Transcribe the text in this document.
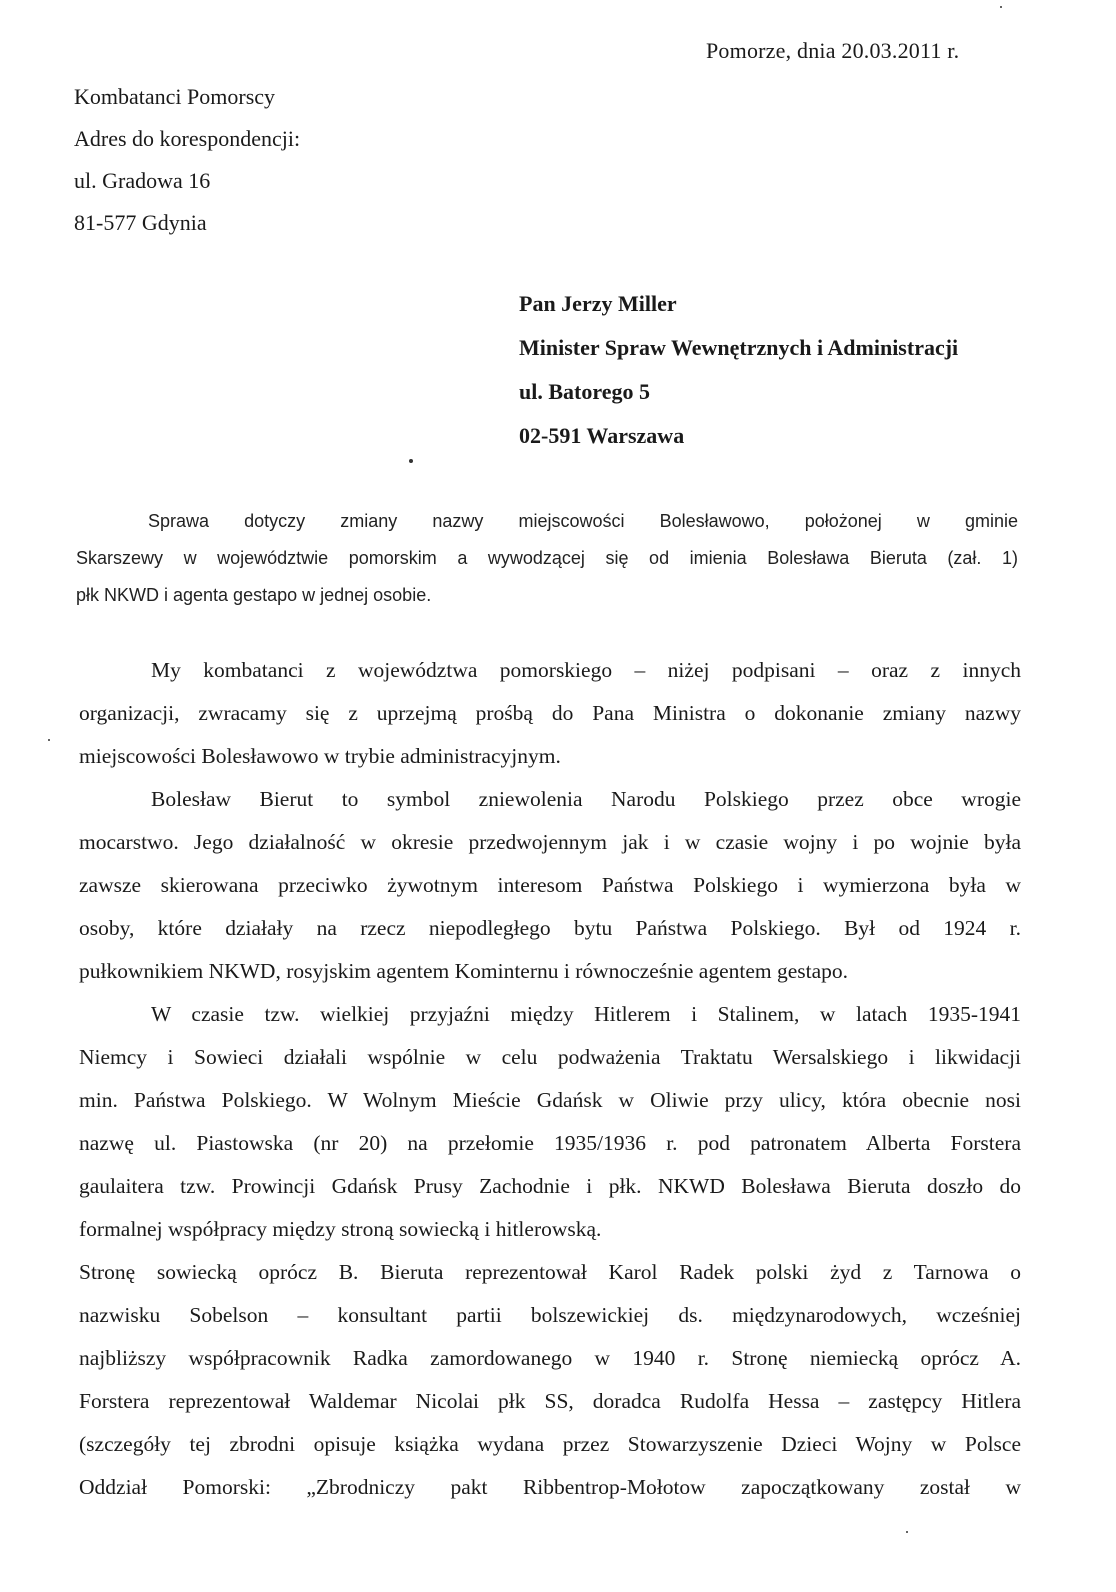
Pomorze, dnia 20.03.2011 r.
Kombatanci Pomorscy
Adres do korespondencji:
ul. Gradowa 16
81-577 Gdynia
Pan Jerzy Miller
Minister Spraw Wewnętrznych i Administracji
ul. Batorego 5
02-591 Warszawa
Sprawa dotyczy zmiany nazwy miejscowości Bolesławowo, położonej w gminie
Skarszewy w województwie pomorskim a wywodzącej się od imienia Bolesława Bieruta (zał. 1)
płk NKWD i agenta gestapo w jednej osobie.
My kombatanci z województwa pomorskiego – niżej podpisani – oraz z innych
organizacji, zwracamy się z uprzejmą prośbą do Pana Ministra o dokonanie zmiany nazwy
miejscowości Bolesławowo w trybie administracyjnym.
Bolesław Bierut to symbol zniewolenia Narodu Polskiego przez obce wrogie
mocarstwo. Jego działalność w okresie przedwojennym jak i w czasie wojny i po wojnie była
zawsze skierowana przeciwko żywotnym interesom Państwa Polskiego i wymierzona była w
osoby, które działały na rzecz niepodległego bytu Państwa Polskiego. Był od 1924 r.
pułkownikiem NKWD, rosyjskim agentem Kominternu i równocześnie agentem gestapo.
W czasie tzw. wielkiej przyjaźni między Hitlerem i Stalinem, w latach 1935-1941
Niemcy i Sowieci działali wspólnie w celu podważenia Traktatu Wersalskiego i likwidacji
min. Państwa Polskiego. W Wolnym Mieście Gdańsk w Oliwie przy ulicy, która obecnie nosi
nazwę ul. Piastowska (nr 20) na przełomie 1935/1936 r. pod patronatem Alberta Forstera
gaulaitera tzw. Prowincji Gdańsk Prusy Zachodnie i płk. NKWD Bolesława Bieruta doszło do
formalnej współpracy między stroną sowiecką i hitlerowską.
Stronę sowiecką oprócz B. Bieruta reprezentował Karol Radek polski żyd z Tarnowa o
nazwisku Sobelson – konsultant partii bolszewickiej ds. międzynarodowych, wcześniej
najbliższy współpracownik Radka zamordowanego w 1940 r. Stronę niemiecką oprócz A.
Forstera reprezentował Waldemar Nicolai płk SS, doradca Rudolfa Hessa – zastępcy Hitlera
(szczegóły tej zbrodni opisuje książka wydana przez Stowarzyszenie Dzieci Wojny w Polsce
Oddział Pomorski: „Zbrodniczy pakt Ribbentrop-Mołotow zapoczątkowany został w
